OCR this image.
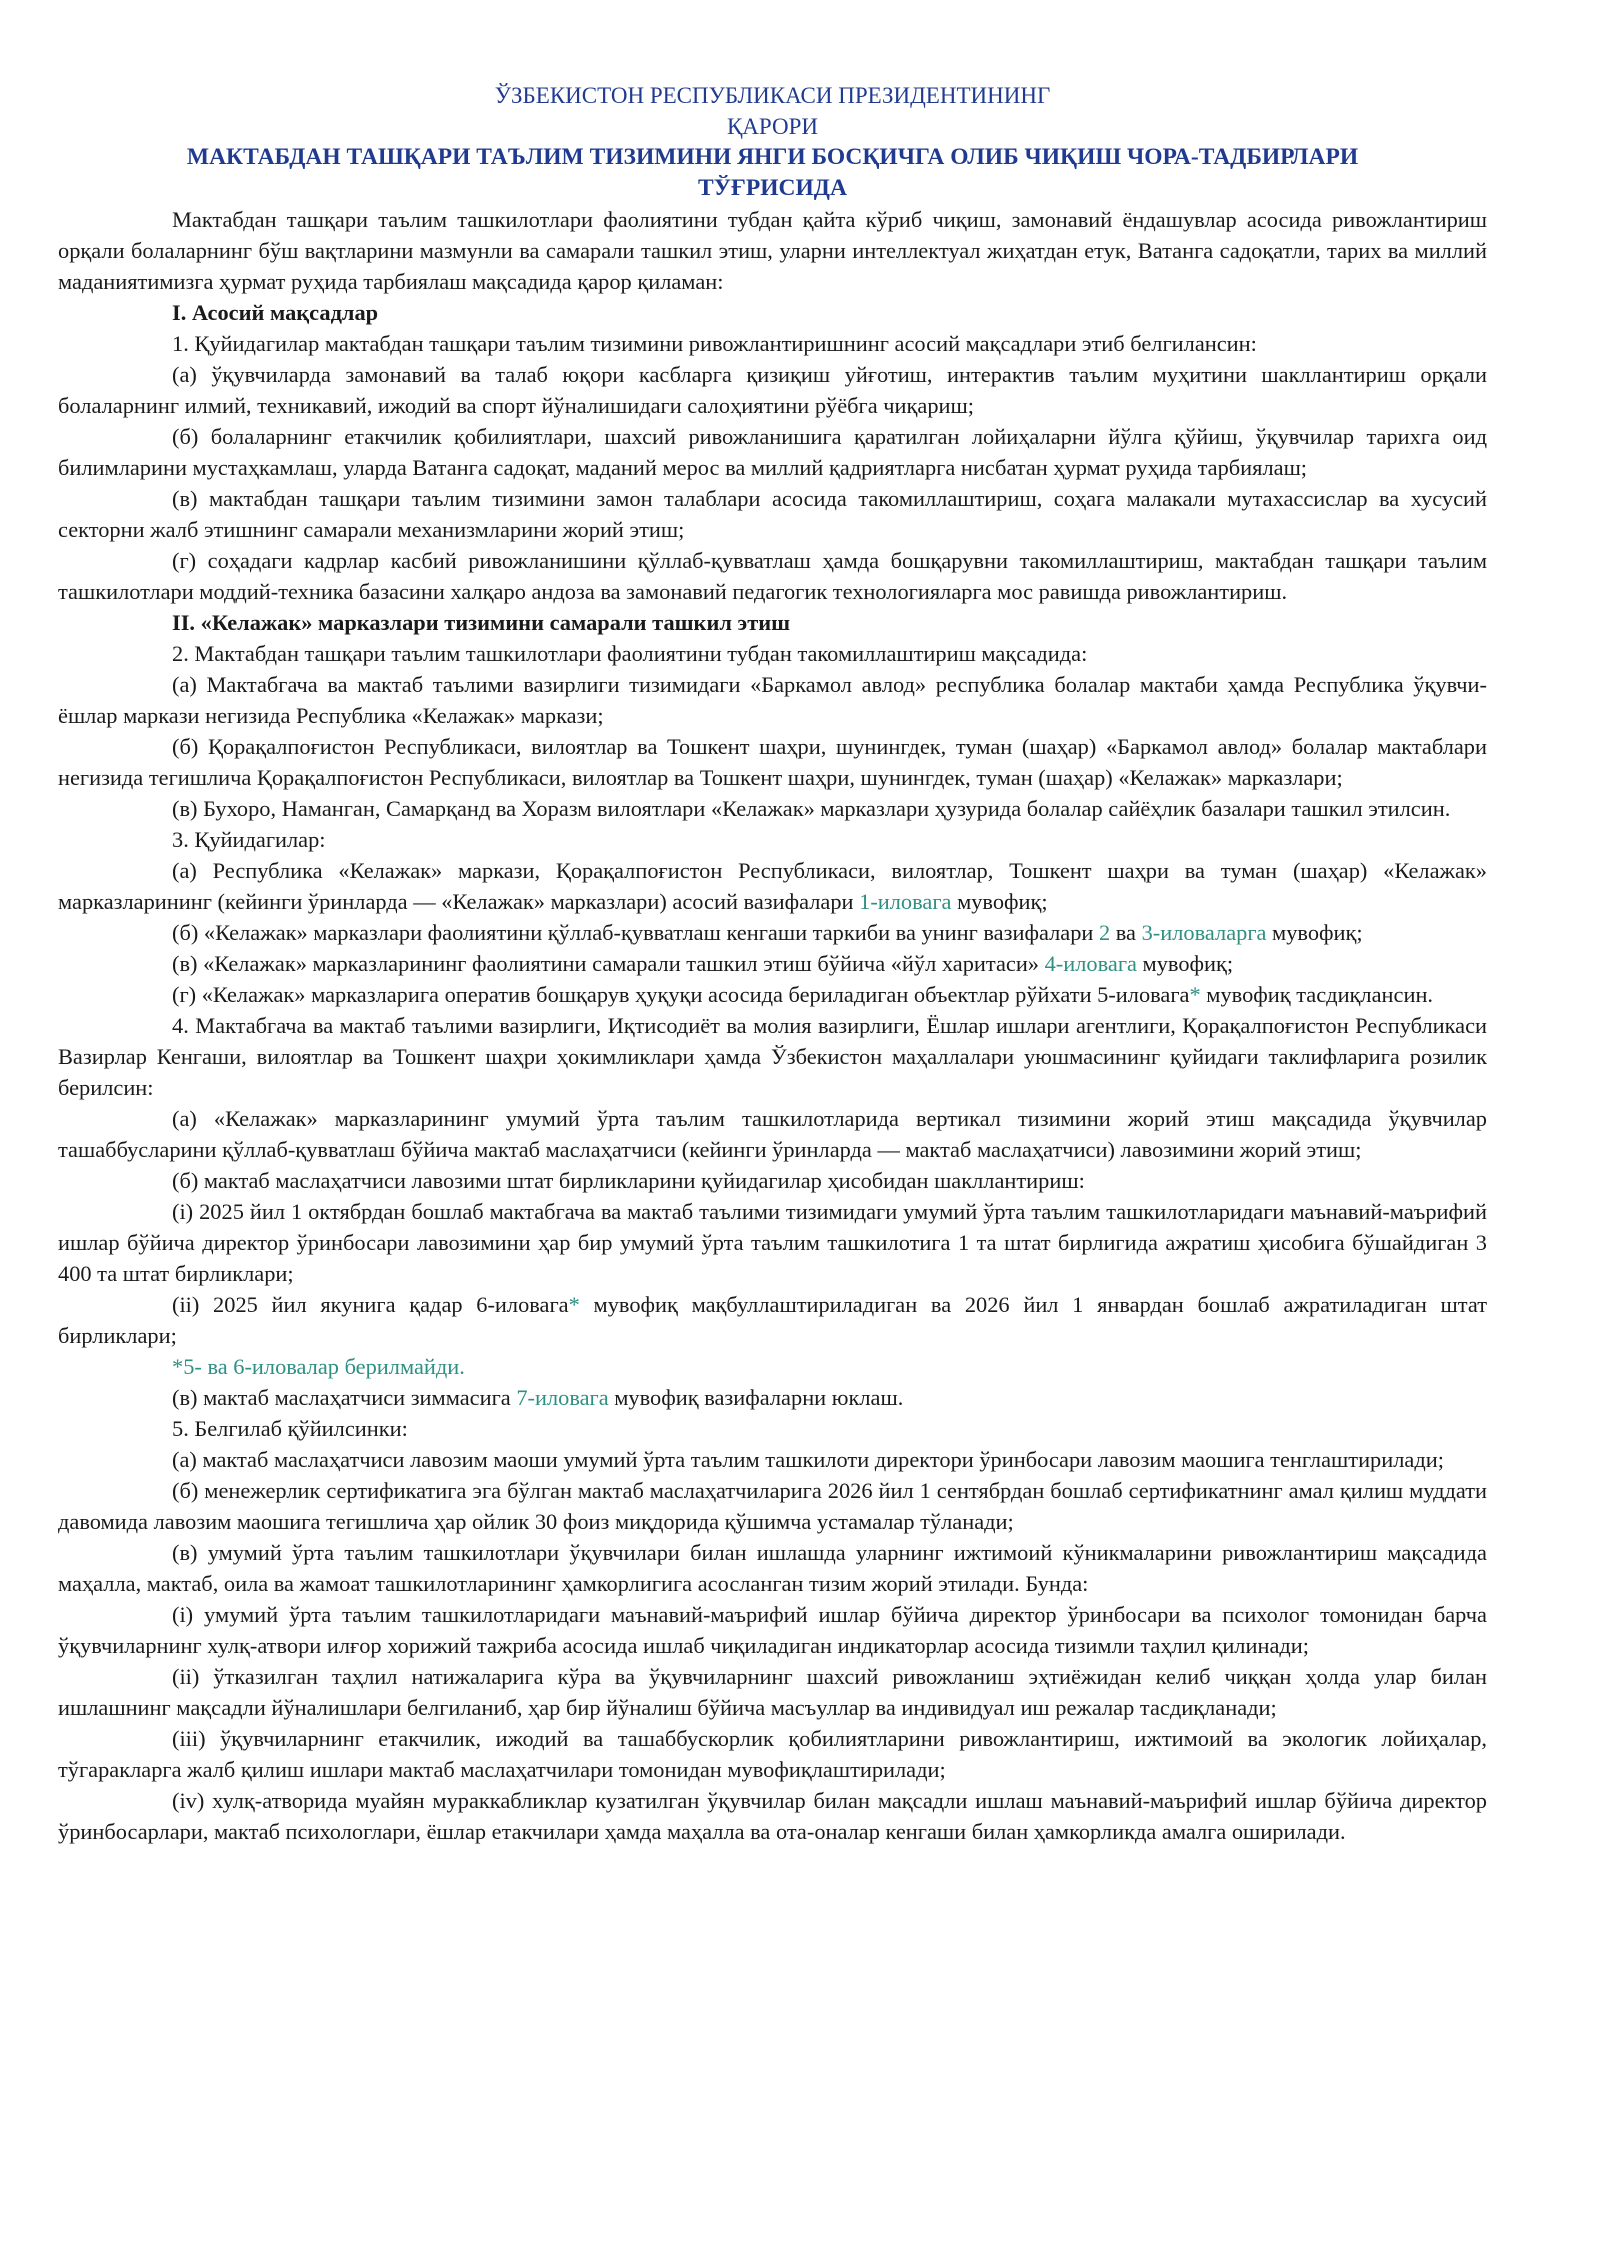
ЎЗБЕКИСТОН РЕСПУБЛИКАСИ ПРЕЗИДЕНТИНИНГ
ҚАРОРИ
МАКТАБДАН ТАШҚАРИ ТАЪЛИМ ТИЗИМИНИ ЯНГИ БОСҚИЧГА ОЛИБ ЧИҚИШ ЧОРА-ТАДБИРЛАРИ
ТЎҒРИСИДА

Мактабдан ташқари таълим ташкилотлари фаолиятини тубдан қайта кўриб чиқиш, замонавий ёндашувлар асосида ривожлантириш орқали болаларнинг бўш вақтларини мазмунли ва самарали ташкил этиш, уларни интеллектуал жиҳатдан етук, Ватанга садоқатли, тарих ва миллий маданиятимизга ҳурмат руҳида тарбиялаш мақсадида қарор қиламан:

I. Асосий мақсадлар

1. Қуйидагилар мактабдан ташқари таълим тизимини ривожлантиришнинг асосий мақсадлари этиб белгилансин:

(а) ўқувчиларда замонавий ва талаб юқори касбларга қизиқиш уйғотиш, интерактив таълим муҳитини шакллантириш орқали болаларнинг илмий, техникавий, ижодий ва спорт йўналишидаги салоҳиятини рўёбга чиқариш;

(б) болаларнинг етакчилик қобилиятлари, шахсий ривожланишига қаратилган лойиҳаларни йўлга қўйиш, ўқувчилар тарихга оид билимларини мустаҳкамлаш, уларда Ватанга садоқат, маданий мерос ва миллий қадриятларга нисбатан ҳурмат руҳида тарбиялаш;

(в) мактабдан ташқари таълим тизимини замон талаблари асосида такомиллаштириш, соҳага малакали мутахассислар ва хусусий секторни жалб этишнинг самарали механизмларини жорий этиш;

(г) соҳадаги кадрлар касбий ривожланишини қўллаб-қувватлаш ҳамда бошқарувни такомиллаштириш, мактабдан ташқари таълим ташкилотлари моддий-техника базасини халқаро андоза ва замонавий педагогик технологияларга мос равишда ривожлантириш.

II. «Келажак» марказлари тизимини самарали ташкил этиш

2. Мактабдан ташқари таълим ташкилотлари фаолиятини тубдан такомиллаштириш мақсадида:

(а) Мактабгача ва мактаб таълими вазирлиги тизимидаги «Баркамол авлод» республика болалар мактаби ҳамда Республика ўқувчи-ёшлар маркази негизида Республика «Келажак» маркази;

(б) Қорақалпоғистон Республикаси, вилоятлар ва Тошкент шаҳри, шунингдек, туман (шаҳар) «Баркамол авлод» болалар мактаблари негизида тегишлича Қорақалпоғистон Республикаси, вилоятлар ва Тошкент шаҳри, шунингдек, туман (шаҳар) «Келажак» марказлари;

(в) Бухоро, Наманган, Самарқанд ва Хоразм вилоятлари «Келажак» марказлари ҳузурида болалар сайёҳлик базалари ташкил этилсин.

3. Қуйидагилар:

(а) Республика «Келажак» маркази, Қорақалпоғистон Республикаси, вилоятлар, Тошкент шаҳри ва туман (шаҳар) «Келажак» марказларининг (кейинги ўринларда — «Келажак» марказлари) асосий вазифалари 1-иловага мувофиқ;

(б) «Келажак» марказлари фаолиятини қўллаб-қувватлаш кенгаши таркиби ва унинг вазифалари 2 ва 3-иловаларга мувофиқ;

(в) «Келажак» марказларининг фаолиятини самарали ташкил этиш бўйича «йўл харитаси» 4-иловага мувофиқ;

(г) «Келажак» марказларига оператив бошқарув ҳуқуқи асосида бериладиган объектлар рўйхати 5-иловага* мувофиқ тасдиқлансин.

4. Мактабгача ва мактаб таълими вазирлиги, Иқтисодиёт ва молия вазирлиги, Ёшлар ишлари агентлиги, Қорақалпоғистон Республикаси Вазирлар Кенгаши, вилоятлар ва Тошкент шаҳри ҳокимликлари ҳамда Ўзбекистон маҳаллалари уюшмасининг қуйидаги таклифларига розилик берилсин:

(а) «Келажак» марказларининг умумий ўрта таълим ташкилотларида вертикал тизимини жорий этиш мақсадида ўқувчилар ташаббусларини қўллаб-қувватлаш бўйича мактаб маслаҳатчиси (кейинги ўринларда — мактаб маслаҳатчиси) лавозимини жорий этиш;

(б) мактаб маслаҳатчиси лавозими штат бирликларини қуйидагилар ҳисобидан шакллантириш:

(i) 2025 йил 1 октябрдан бошлаб мактабгача ва мактаб таълими тизимидаги умумий ўрта таълим ташкилотларидаги маънавий-маърифий ишлар бўйича директор ўринбосари лавозимини ҳар бир умумий ўрта таълим ташкилотига 1 та штат бирлигида ажратиш ҳисобига бўшайдиган 3 400 та штат бирликлари;

(ii) 2025 йил якунига қадар 6-иловага* мувофиқ мақбуллаштириладиган ва 2026 йил 1 январдан бошлаб ажратиладиган штат бирликлари;

*5- ва 6-иловалар берилмайди.

(в) мактаб маслаҳатчиси зиммасига 7-иловага мувофиқ вазифаларни юклаш.

5. Белгилаб қўйилсинки:

(а) мактаб маслаҳатчиси лавозим маоши умумий ўрта таълим ташкилоти директори ўринбосари лавозим маошига тенглаштирилади;

(б) менежерлик сертификатига эга бўлган мактаб маслаҳатчиларига 2026 йил 1 сентябрдан бошлаб сертификатнинг амал қилиш муддати давомида лавозим маошига тегишлича ҳар ойлик 30 фоиз миқдорида қўшимча устамалар тўланади;

(в) умумий ўрта таълим ташкилотлари ўқувчилари билан ишлашда уларнинг ижтимоий кўникмаларини ривожлантириш мақсадида маҳалла, мактаб, оила ва жамоат ташкилотларининг ҳамкорлигига асосланган тизим жорий этилади. Бунда:

(i) умумий ўрта таълим ташкилотларидаги маънавий-маърифий ишлар бўйича директор ўринбосари ва психолог томонидан барча ўқувчиларнинг хулқ-атвори илғор хорижий тажриба асосида ишлаб чиқиладиган индикаторлар асосида тизимли таҳлил қилинади;

(ii) ўтказилган таҳлил натижаларига кўра ва ўқувчиларнинг шахсий ривожланиш эҳтиёжидан келиб чиққан ҳолда улар билан ишлашнинг мақсадли йўналишлари белгиланиб, ҳар бир йўналиш бўйича масъуллар ва индивидуал иш режалар тасдиқланади;

(iii) ўқувчиларнинг етакчилик, ижодий ва ташаббускорлик қобилиятларини ривожлантириш, ижтимоий ва экологик лойиҳалар, тўгаракларга жалб қилиш ишлари мактаб маслаҳатчилари томонидан мувофиқлаштирилади;

(iv) хулқ-атворида муайян мураккабликлар кузатилган ўқувчилар билан мақсадли ишлаш маънавий-маърифий ишлар бўйича директор ўринбосарлари, мактаб психологлари, ёшлар етакчилари ҳамда маҳалла ва ота-оналар кенгаши билан ҳамкорликда амалга оширилади.
